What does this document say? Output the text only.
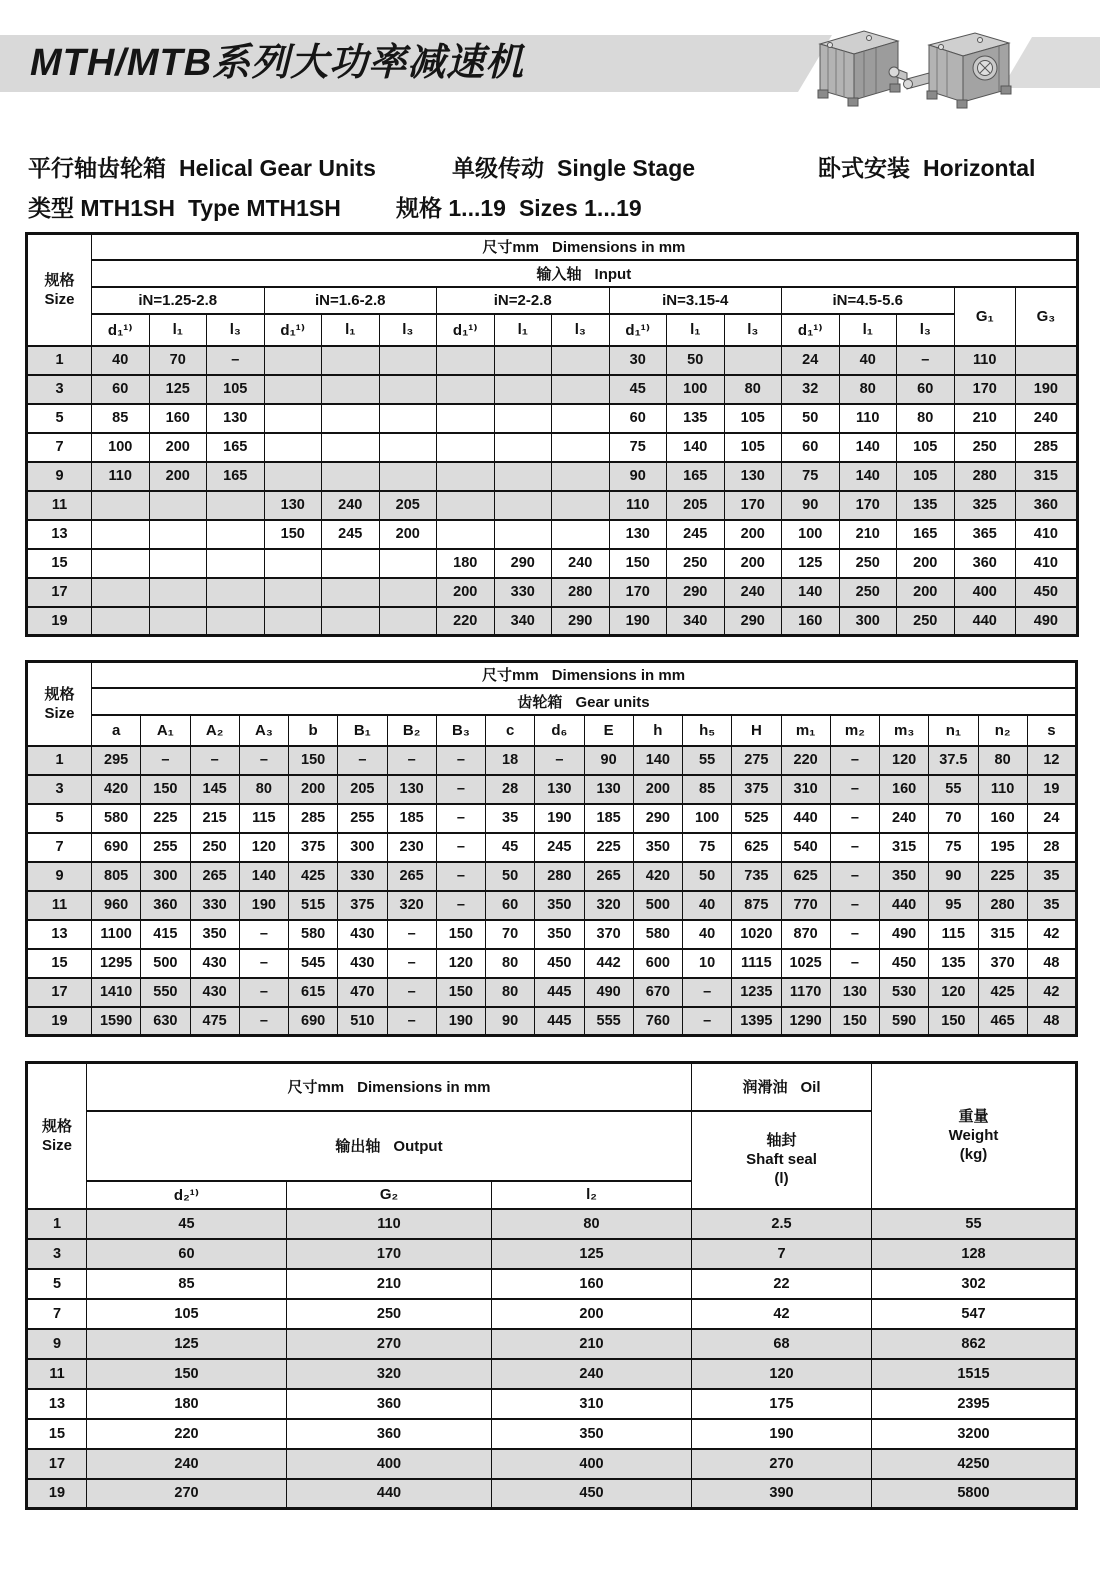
MTH/MTB系列大功率减速机
平行轴齿轮箱 Helical Gear Units	单级传动 Single Stage	卧式安装 Horizontal
类型 MTH1SH Type MTH1SH 规格 1...19 Sizes 1...19
规格
Size	尺寸mm Dimensions in mm																
	输入轴 Input																
	iN=1.25-2.8			iN=1.6-2.8			iN=2-2.8			iN=3.15-4			iN=4.5-5.6			G₁	G₃
	d₁¹⁾	l₁	l₃	d₁¹⁾	l₁	l₃	d₁¹⁾	l₁	l₃	d₁¹⁾	l₁	l₃	d₁¹⁾	l₁	l₃		
1	40	70	–							30	50		24	40	–	110	
3	60	125	105							45	100	80	32	80	60	170	190
5	85	160	130							60	135	105	50	110	80	210	240
7	100	200	165							75	140	105	60	140	105	250	285
9	110	200	165							90	165	130	75	140	105	280	315
11				130	240	205				110	205	170	90	170	135	325	360
13				150	245	200				130	245	200	100	210	165	365	410
15							180	290	240	150	250	200	125	250	200	360	410
17							200	330	280	170	290	240	140	250	200	400	450
19							220	340	290	190	340	290	160	300	250	440	490
规格
Size	尺寸mm Dimensions in mm																			
	齿轮箱 Gear units																			
	a	A₁	A₂	A₃	b	B₁	B₂	B₃	c	d₆	E	h	h₅	H	m₁	m₂	m₃	n₁	n₂	s
1	295	–	–	–	150	–	–	–	18	–	90	140	55	275	220	–	120	37.5	80	12
3	420	150	145	80	200	205	130	–	28	130	130	200	85	375	310	–	160	55	110	19
5	580	225	215	115	285	255	185	–	35	190	185	290	100	525	440	–	240	70	160	24
7	690	255	250	120	375	300	230	–	45	245	225	350	75	625	540	–	315	75	195	28
9	805	300	265	140	425	330	265	–	50	280	265	420	50	735	625	–	350	90	225	35
11	960	360	330	190	515	375	320	–	60	350	320	500	40	875	770	–	440	95	280	35
13	1100	415	350	–	580	430	–	150	70	350	370	580	40	1020	870	–	490	115	315	42
15	1295	500	430	–	545	430	–	120	80	450	442	600	10	1115	1025	–	450	135	370	48
17	1410	550	430	–	615	470	–	150	80	445	490	670	–	1235	1170	130	530	120	425	42
19	1590	630	475	–	690	510	–	190	90	445	555	760	–	1395	1290	150	590	150	465	48
规格
Size
	尺寸mm Dimensions in mm	润滑油 Oil	
重量
Weight
(kg)

	输出轴 Output			轴封
Shaft seal
(l)	

	d₂¹⁾	G₂	l₂		
1	45	110	80	2.5	55
3	60	170	125	7	128
5	85	210	160	22	302
7	105	250	200	42	547
9	125	270	210	68	862
11	150	320	240	120	1515
13	180	360	310	175	2395
15	220	360	350	190	3200
17	240	400	400	270	4250
19	270	440	450	390	5800
